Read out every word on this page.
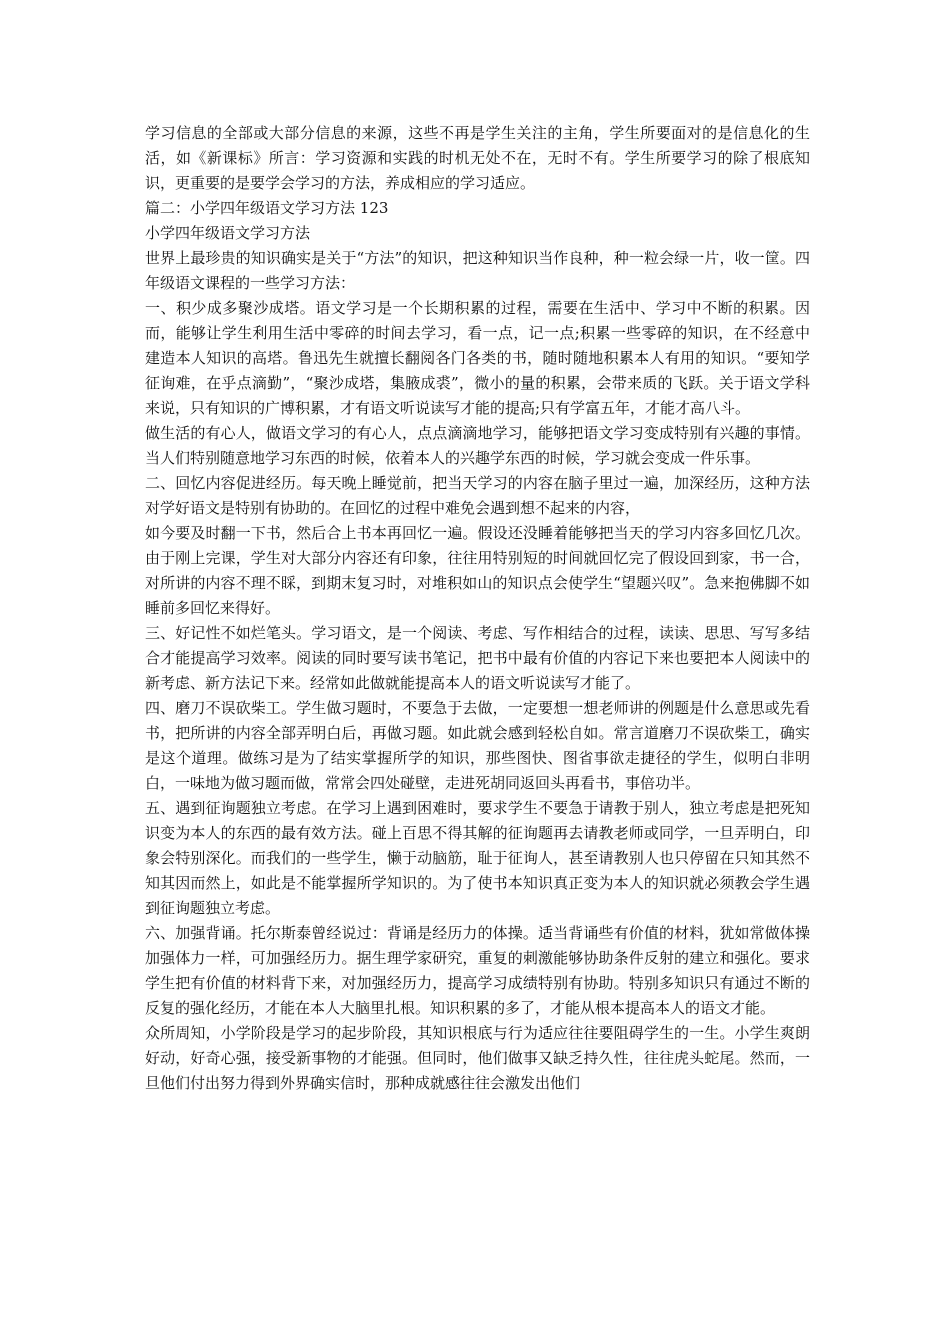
学习信息的全部或大部分信息的来源，这些不再是学生关注的主角，学生所要面对的是信息化的生活，如《新课标》所言：学习资源和实践的时机无处不在，无时不有。学生所要学习的除了根底知识，更重要的是要学会学习的方法，养成相应的学习适应。

篇二：小学四年级语文学习方法 123

小学四年级语文学习方法

世界上最珍贵的知识确实是关于“方法”的知识，把这种知识当作良种，种一粒会绿一片，收一筐。四年级语文课程的一些学习方法：

一、积少成多聚沙成塔。语文学习是一个长期积累的过程，需要在生活中、学习中不断的积累。因而，能够让学生利用生活中零碎的时间去学习，看一点，记一点;积累一些零碎的知识，在不经意中建造本人知识的高塔。鲁迅先生就擅长翻阅各门各类的书，随时随地积累本人有用的知识。“要知学征询难，在乎点滴勤”，“聚沙成塔，集腋成裘”，微小的量的积累，会带来质的飞跃。关于语文学科来说，只有知识的广博积累，才有语文听说读写才能的提高;只有学富五年，才能才高八斗。

做生活的有心人，做语文学习的有心人，点点滴滴地学习，能够把语文学习变成特别有兴趣的事情。当人们特别随意地学习东西的时候，依着本人的兴趣学东西的时候，学习就会变成一件乐事。

二、回忆内容促进经历。每天晚上睡觉前，把当天学习的内容在脑子里过一遍，加深经历，这种方法对学好语文是特别有协助的。在回忆的过程中难免会遇到想不起来的内容，

如今要及时翻一下书，然后合上书本再回忆一遍。假设还没睡着能够把当天的学习内容多回忆几次。由于刚上完课，学生对大部分内容还有印象，往往用特别短的时间就回忆完了假设回到家，书一合，对所讲的内容不理不睬，到期末复习时，对堆积如山的知识点会使学生“望题兴叹”。急来抱佛脚不如睡前多回忆来得好。

三、好记性不如烂笔头。学习语文，是一个阅读、考虑、写作相结合的过程，读读、思思、写写多结合才能提高学习效率。阅读的同时要写读书笔记，把书中最有价值的内容记下来也要把本人阅读中的新考虑、新方法记下来。经常如此做就能提高本人的语文听说读写才能了。

四、磨刀不误砍柴工。学生做习题时，不要急于去做，一定要想一想老师讲的例题是什么意思或先看书，把所讲的内容全部弄明白后，再做习题。如此就会感到轻松自如。常言道磨刀不误砍柴工，确实是这个道理。做练习是为了结实掌握所学的知识，那些图快、图省事欲走捷径的学生，似明白非明白，一味地为做习题而做，常常会四处碰壁，走进死胡同返回头再看书，事倍功半。

五、遇到征询题独立考虑。在学习上遇到困难时，要求学生不要急于请教于别人，独立考虑是把死知识变为本人的东西的最有效方法。碰上百思不得其解的征询题再去请教老师或同学，一旦弄明白，印象会特别深化。而我们的一些学生，懒于动脑筋，耻于征询人，甚至请教别人也只停留在只知其然不知其因而然上，如此是不能掌握所学知识的。为了使书本知识真正变为本人的知识就必须教会学生遇到征询题独立考虑。

六、加强背诵。托尔斯泰曾经说过：背诵是经历力的体操。适当背诵些有价值的材料，犹如常做体操加强体力一样，可加强经历力。据生理学家研究，重复的刺激能够协助条件反射的建立和强化。要求学生把有价值的材料背下来，对加强经历力，提高学习成绩特别有协助。特别多知识只有通过不断的反复的强化经历，才能在本人大脑里扎根。知识积累的多了，才能从根本提高本人的语文才能。

众所周知，小学阶段是学习的起步阶段，其知识根底与行为适应往往要阻碍学生的一生。小学生爽朗好动，好奇心强，接受新事物的才能强。但同时，他们做事又缺乏持久性，往往虎头蛇尾。然而，一旦他们付出努力得到外界确实信时，那种成就感往往会激发出他们
